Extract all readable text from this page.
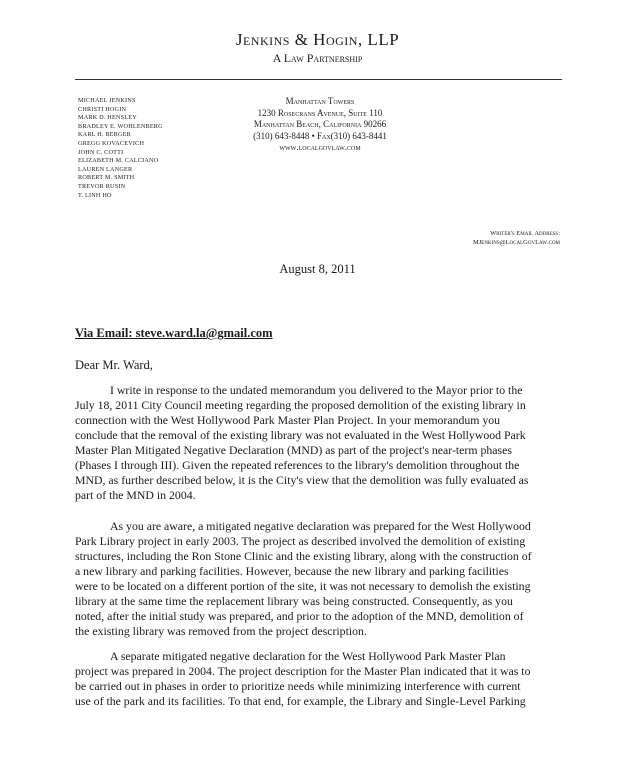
Jenkins & Hogin, LLP
A Law Partnership
MICHAEL JENKINS
CHRISTI HOGIN
MARK D. HENSLEY
BRADLEY E. WOHLENBERG
KARL H. BERGER
GREGG KOVACEVICH
JOHN C. COTTI
ELIZABETH M. CALCIANO
LAUREN LANGER
ROBERT M. SMITH
TREVOR RUSIN
T. LINH HO
Manhattan Towers
1230 Rosecrans Avenue, Suite 110
Manhattan Beach, California 90266
(310) 643-8448 • Fax(310) 643-8441
www.localgovlaw.com
Writer's Email Address:
MJenkins@LocalGovLaw.com
August 8, 2011
Via Email: steve.ward.la@gmail.com
Dear Mr. Ward,
I write in response to the undated memorandum you delivered to the Mayor prior to the
July 18, 2011 City Council meeting regarding the proposed demolition of the existing library in
connection with the West Hollywood Park Master Plan Project. In your memorandum you
conclude that the removal of the existing library was not evaluated in the West Hollywood Park
Master Plan Mitigated Negative Declaration (MND) as part of the project's near-term phases
(Phases I through III). Given the repeated references to the library's demolition throughout the
MND, as further described below, it is the City's view that the demolition was fully evaluated as
part of the MND in 2004.
As you are aware, a mitigated negative declaration was prepared for the West Hollywood
Park Library project in early 2003. The project as described involved the demolition of existing
structures, including the Ron Stone Clinic and the existing library, along with the construction of
a new library and parking facilities. However, because the new library and parking facilities
were to be located on a different portion of the site, it was not necessary to demolish the existing
library at the same time the replacement library was being constructed. Consequently, as you
noted, after the initial study was prepared, and prior to the adoption of the MND, demolition of
the existing library was removed from the project description.
A separate mitigated negative declaration for the West Hollywood Park Master Plan
project was prepared in 2004. The project description for the Master Plan indicated that it was to
be carried out in phases in order to prioritize needs while minimizing interference with current
use of the park and its facilities. To that end, for example, the Library and Single-Level Parking
